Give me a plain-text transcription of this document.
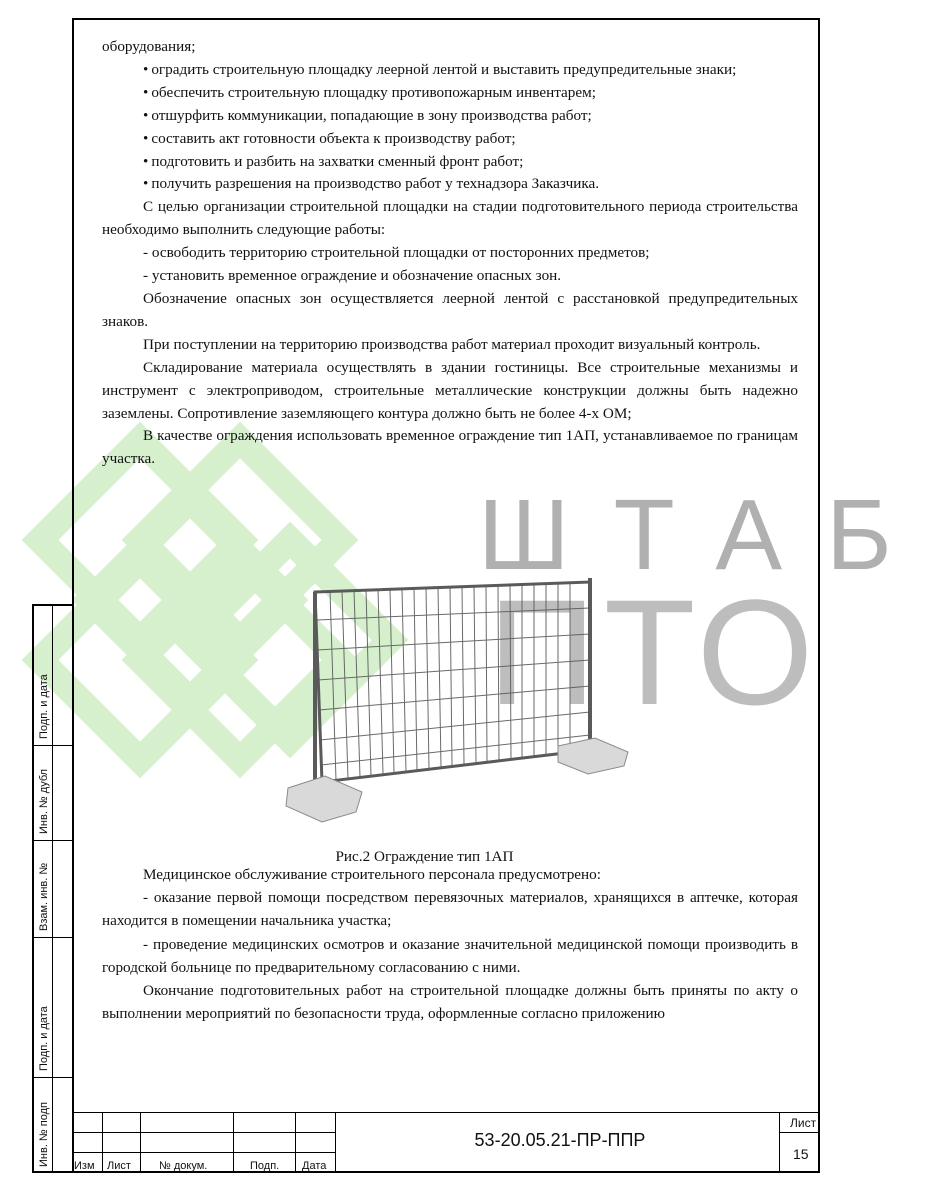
ШТАБ
ПТО
Подп. и дата
Инв. № дубл
Взам. инв. №
Подп. и дата
Инв. № подп

оборудования;

• оградить строительную площадку леерной лентой и выставить предупредительные знаки;

• обеспечить строительную площадку противопожарным инвентарем;

• отшурфить коммуникации, попадающие в зону производства работ;

• составить акт готовности объекта к производству работ;

• подготовить и разбить на захватки сменный фронт работ;

• получить разрешения на производство работ у технадзора Заказчика.

С целью организации строительной площадки на стадии подготовительного периода строительства необходимо выполнить следующие работы:

- освободить территорию строительной площадки от посторонних предметов;

- установить временное ограждение и обозначение опасных зон.

Обозначение опасных зон осуществляется леерной лентой с расстановкой предупредительных знаков.

При поступлении на территорию производства работ материал проходит визуальный контроль.

Складирование материала осуществлять в здании гостиницы. Все строительные механизмы и инструмент с электроприводом, строительные металлические конструкции должны быть надежно заземлены. Сопротивление заземляющего контура должно быть не более 4-х ОМ;

В качестве ограждения использовать временное ограждение тип 1АП, устанавливаемое по границам участка.

Рис.2 Ограждение тип 1АП

Медицинское обслуживание строительного персонала предусмотрено:

- оказание первой помощи посредством перевязочных материалов, хранящихся в аптечке, которая находится в помещении начальника участка;

- проведение медицинских осмотров и оказание значительной медицинской помощи производить в городской больнице по предварительному согласованию с ними.

Окончание подготовительных работ на строительной площадке должны быть приняты по акту о выполнении мероприятий по безопасности труда, оформленные согласно приложению

Изм Лист	№ докум.	Подп. Дата
53-20.05.21-ПР-ППР
Лист
15
